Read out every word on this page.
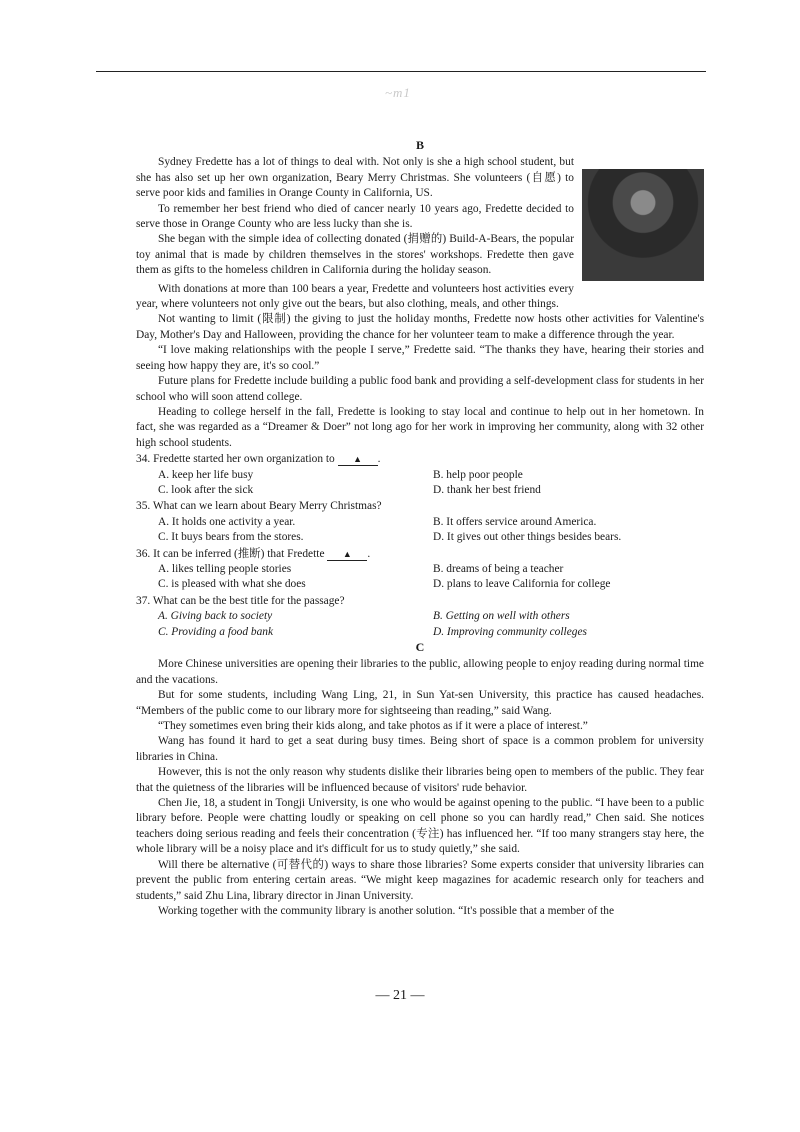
~m1
B

Sydney Fredette has a lot of things to deal with. Not only is she a high school student, but she has also set up her own organization, Beary Merry Christmas. She volunteers (自愿) to serve poor kids and families in Orange County in California, US.

To remember her best friend who died of cancer nearly 10 years ago, Fredette decided to serve those in Orange County who are less lucky than she is.

She began with the simple idea of collecting donated (捐赠的) Build-A-Bears, the popular toy animal that is made by children themselves in the stores' workshops. Fredette then gave them as gifts to the homeless children in California during the holiday season.

With donations at more than 100 bears a year, Fredette and volunteers host activities every year, where volunteers not only give out the bears, but also clothing, meals, and other things.

Not wanting to limit (限制) the giving to just the holiday months, Fredette now hosts other activities for Valentine's Day, Mother's Day and Halloween, providing the chance for her volunteer team to make a difference through the year.

“I love making relationships with the people I serve,” Fredette said. “The thanks they have, hearing their stories and seeing how happy they are, it's so cool.”

Future plans for Fredette include building a public food bank and providing a self-development class for students in her school who will soon attend college.

Heading to college herself in the fall, Fredette is looking to stay local and continue to help out in her hometown. In fact, she was regarded as a “Dreamer & Doer” not long ago for her work in improving her community, along with 32 other high school students.

34. Fredette started her own organization to ▲ .
A. keep her life busy	B. help poor people
C. look after the sick	D. thank her best friend
35. What can we learn about Beary Merry Christmas?
A. It holds one activity a year.	B. It offers service around America.
C. It buys bears from the stores.	D. It gives out other things besides bears.
36. It can be inferred (推断) that Fredette ▲ .
A. likes telling people stories	B. dreams of being a teacher
C. is pleased with what she does	D. plans to leave California for college
37. What can be the best title for the passage?
A. Giving back to society	B. Getting on well with others
C. Providing a food bank	D. Improving community colleges
C

More Chinese universities are opening their libraries to the public, allowing people to enjoy reading during normal time and the vacations.

But for some students, including Wang Ling, 21, in Sun Yat-sen University, this practice has caused headaches. “Members of the public come to our library more for sightseeing than reading,” said Wang.

“They sometimes even bring their kids along, and take photos as if it were a place of interest.”

Wang has found it hard to get a seat during busy times. Being short of space is a common problem for university libraries in China.

However, this is not the only reason why students dislike their libraries being open to members of the public. They fear that the quietness of the libraries will be influenced because of visitors' rude behavior.

Chen Jie, 18, a student in Tongji University, is one who would be against opening to the public. “I have been to a public library before. People were chatting loudly or speaking on cell phone so you can hardly read,” Chen said. She notices teachers doing serious reading and feels their concentration (专注) has influenced her. “If too many strangers stay here, the whole library will be a noisy place and it's difficult for us to study quietly,” she said.

Will there be alternative (可替代的) ways to share those libraries? Some experts consider that university libraries can prevent the public from entering certain areas. “We might keep magazines for academic research only for teachers and students,” said Zhu Lina, library director in Jinan University.

Working together with the community library is another solution. “It's possible that a member of the

— 21 —
